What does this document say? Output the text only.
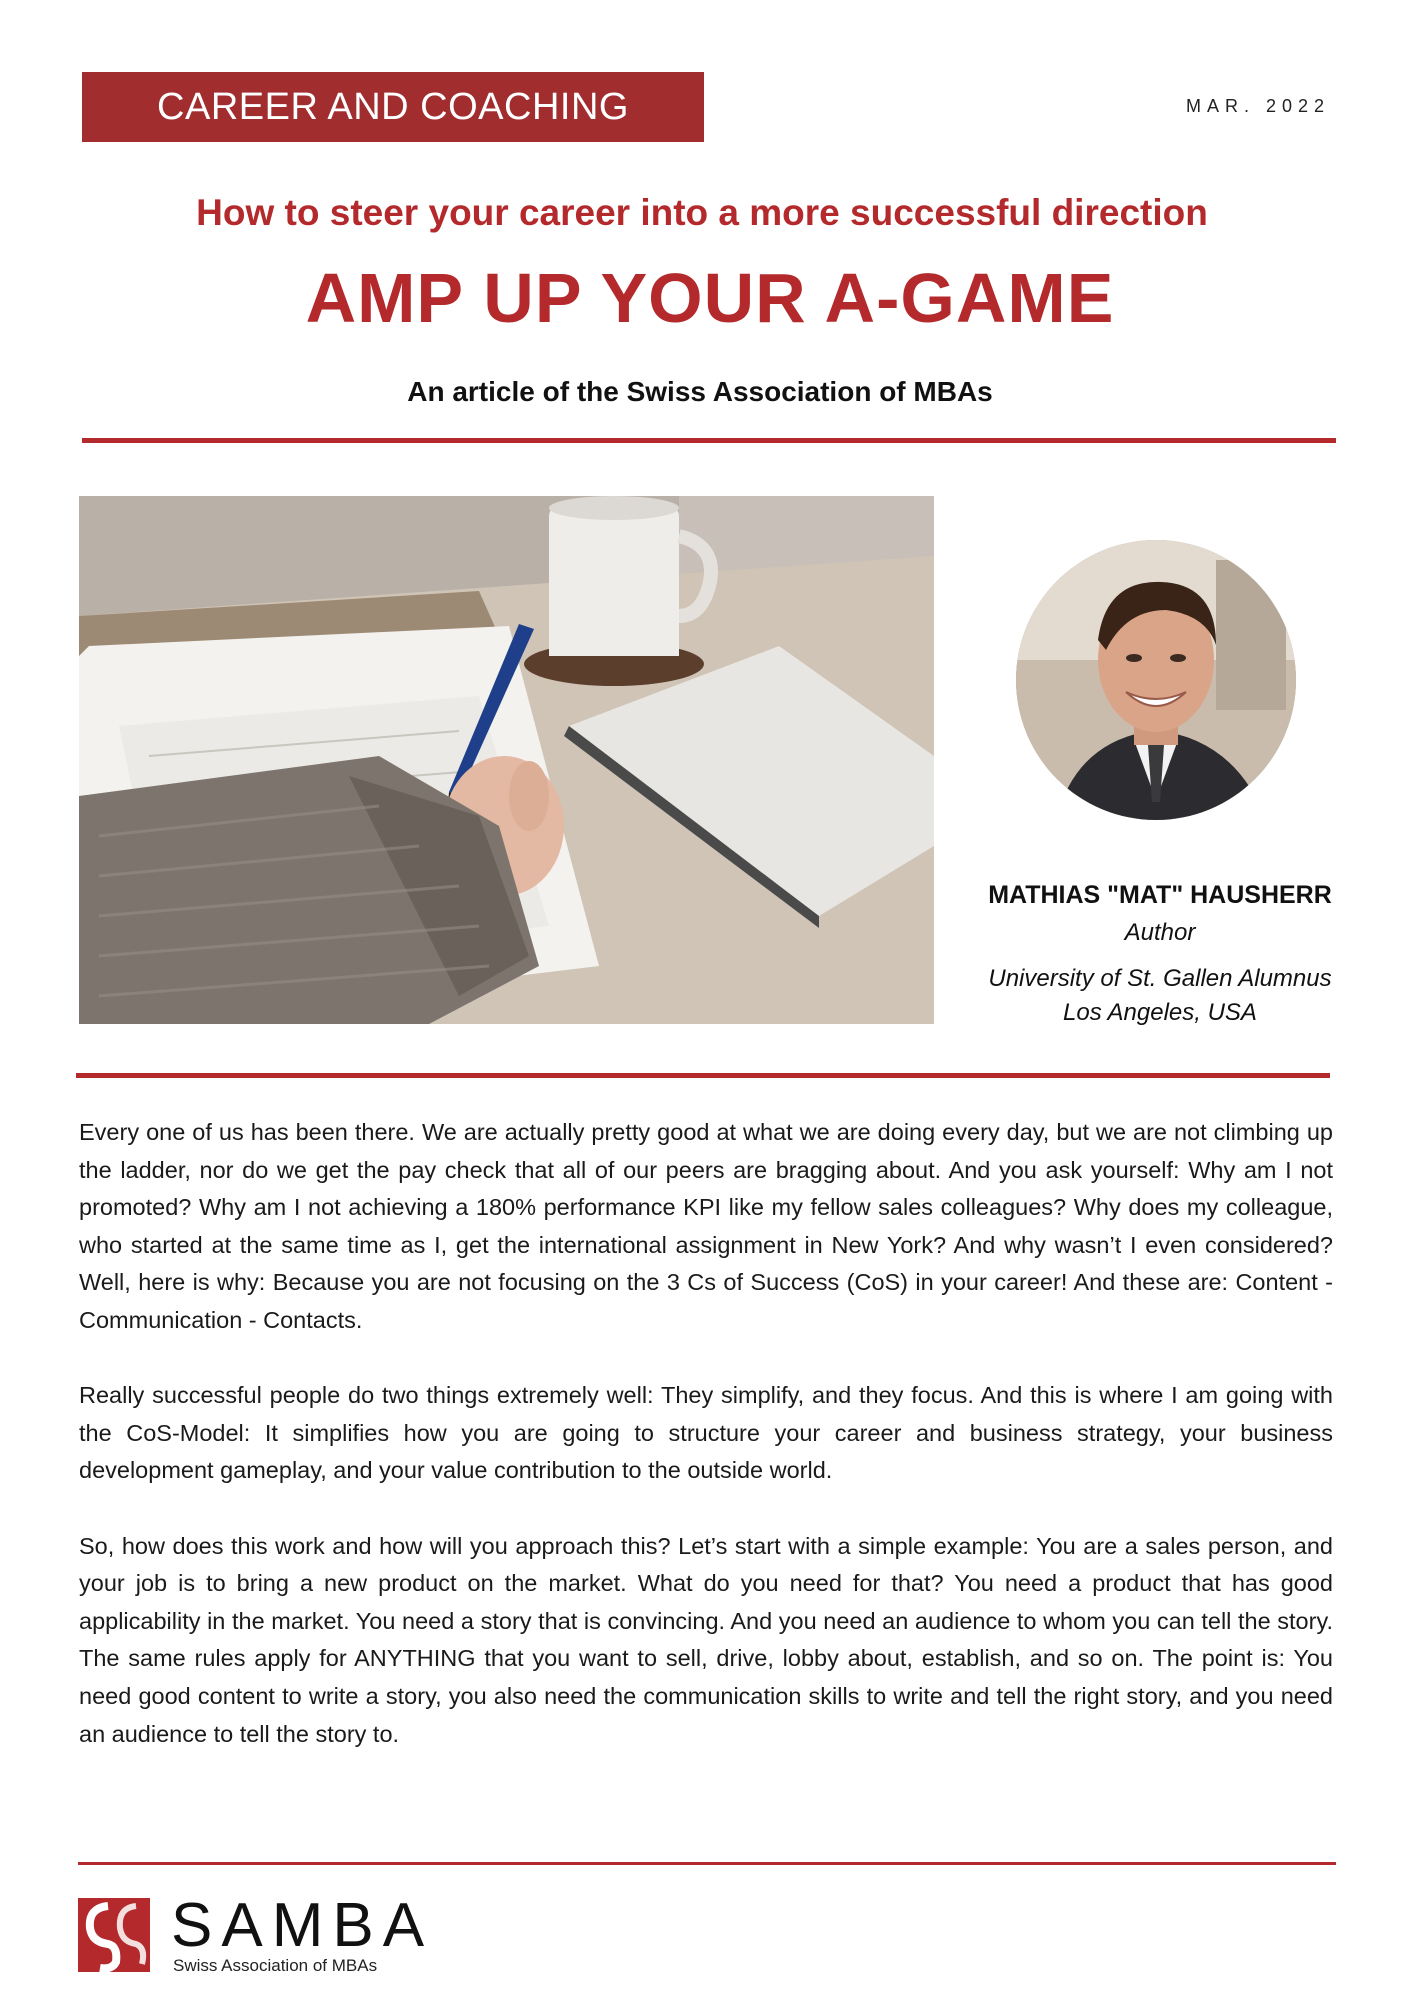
CAREER AND COACHING	MAR. 2022
How to steer your career into a more successful direction
AMP UP YOUR A-GAME
An article of the Swiss Association of MBAs
MATHIAS "MAT" HAUSHERR
Author
University of St. Gallen Alumnus
Los Angeles, USA

Every one of us has been there. We are actually pretty good at what we are doing every day, but we are not climbing up the ladder, nor do we get the pay check that all of our peers are bragging about. And you ask yourself: Why am I not promoted? Why am I not achieving a 180% performance KPI like my fellow sales colleagues? Why does my colleague, who started at the same time as I, get the international assignment in New York? And why wasn’t I even considered? Well, here is why: Because you are not focusing on the 3 Cs of Success (CoS) in your career! And these are: Content - Communication - Contacts.

Really successful people do two things extremely well: They simplify, and they focus. And this is where I am going with the CoS-Model: It simplifies how you are going to structure your career and business strategy, your business development gameplay, and your value contribution to the outside world.

So, how does this work and how will you approach this? Let’s start with a simple example: You are a sales person, and your job is to bring a new product on the market. What do you need for that? You need a product that has good applicability in the market. You need a story that is convincing. And you need an audience to whom you can tell the story. The same rules apply for ANYTHING that you want to sell, drive, lobby about, establish, and so on. The point is: You need good content to write a story, you also need the communication skills to write and tell the right story, and you need an audience to tell the story to.

SAMBA
Swiss Association of MBAs
